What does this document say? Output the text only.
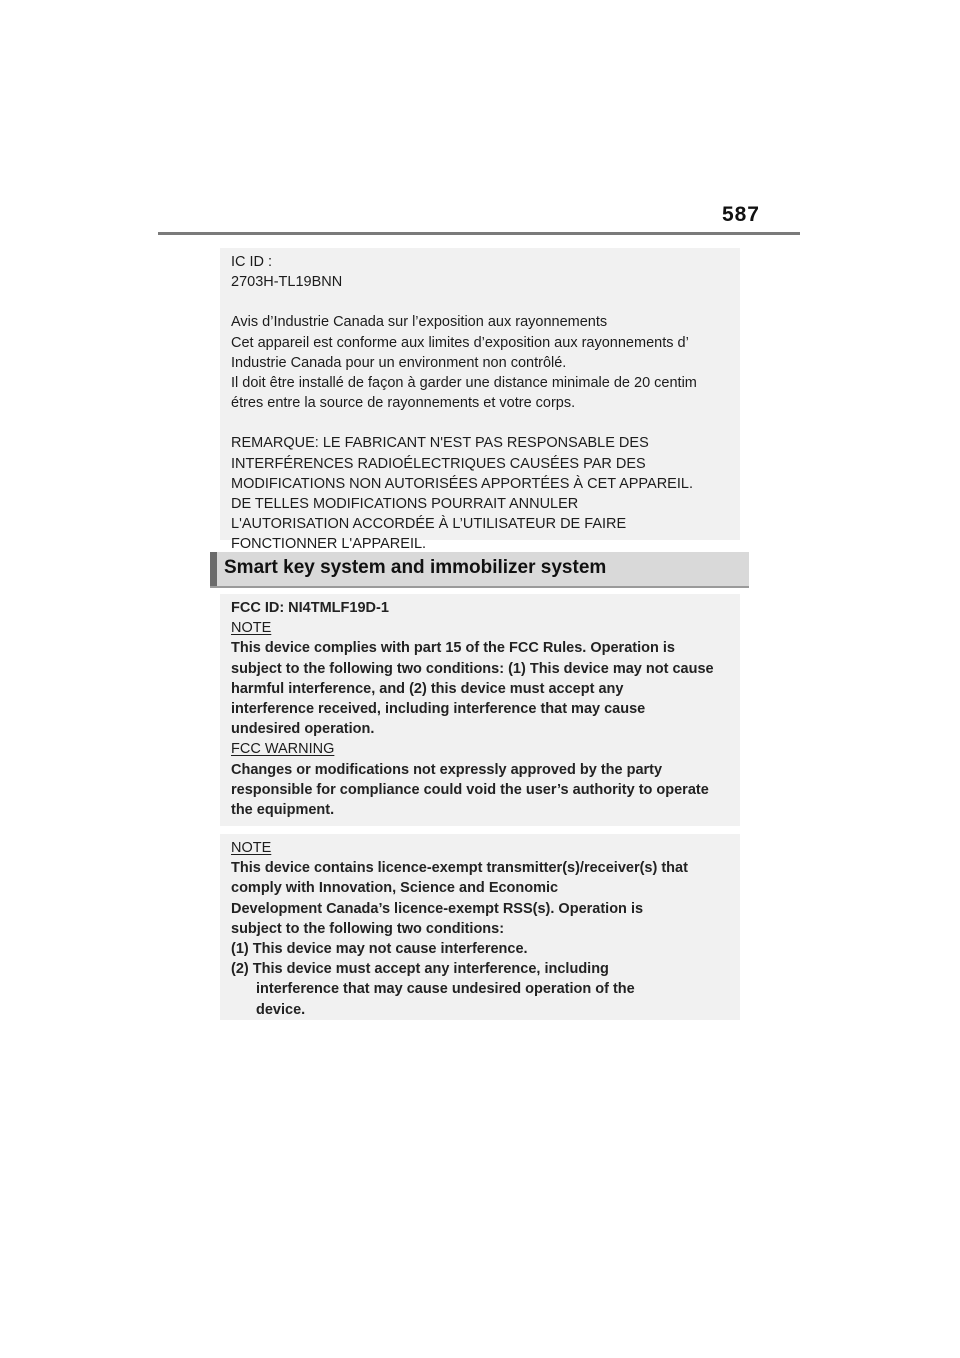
587
IC ID :
2703H-TL19BNN
Avis d’Industrie Canada sur l’exposition aux rayonnements
Cet appareil est conforme aux limites d’exposition aux rayonnements d’
Industrie Canada pour un environment non contrôlé.
Il doit être installé de façon à garder une distance minimale de 20 centim
étres entre la source de rayonnements et votre corps.
REMARQUE: LE FABRICANT N'EST PAS RESPONSABLE DES
INTERFÉRENCES RADIOÉLECTRIQUES CAUSÉES PAR DES
MODIFICATIONS NON AUTORISÉES APPORTÉES À CET APPAREIL.
DE TELLES MODIFICATIONS POURRAIT ANNULER
L'AUTORISATION ACCORDÉE À L’UTILISATEUR DE FAIRE
FONCTIONNER L'APPAREIL.
Smart key system and immobilizer system
FCC ID: NI4TMLF19D-1
NOTE
This device complies with part 15 of the FCC Rules. Operation is
subject to the following two conditions: (1) This device may not cause
harmful interference, and (2) this device must accept any
interference received, including interference that may cause
undesired operation.
FCC WARNING
Changes or modifications not expressly approved by the party
responsible for compliance could void the user’s authority to operate
the equipment.
NOTE
This device contains licence-exempt transmitter(s)/receiver(s) that
comply with Innovation, Science and Economic
Development Canada’s licence-exempt RSS(s). Operation is
subject to the following two conditions:
(1) This device may not cause interference.
(2) This device must accept any interference, including
interference that may cause undesired operation of the
device.
